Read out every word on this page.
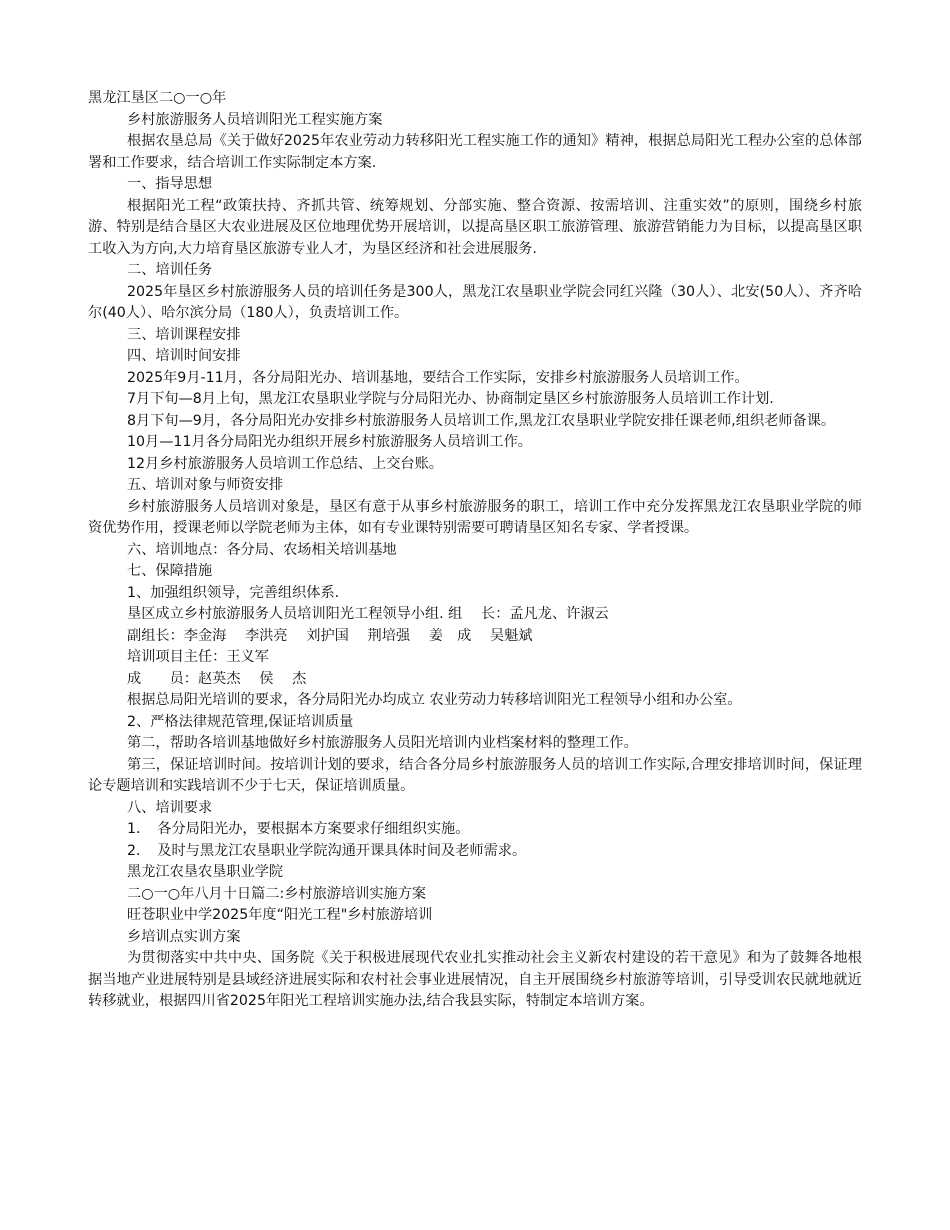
黑龙江垦区二○一○年
乡村旅游服务人员培训阳光工程实施方案
根据农垦总局《关于做好2025年农业劳动力转移阳光工程实施工作的通知》精神，根据总局阳光工程办公室的总体部署和工作要求，结合培训工作实际制定本方案.
一、指导思想
根据阳光工程“政策扶持、齐抓共管、统筹规划、分部实施、整合资源、按需培训、注重实效”的原则，围绕乡村旅游、特别是结合垦区大农业进展及区位地理优势开展培训，以提高垦区职工旅游管理、旅游营销能力为目标，以提高垦区职工收入为方向,大力培育垦区旅游专业人才，为垦区经济和社会进展服务.
二、培训任务
2025年垦区乡村旅游服务人员的培训任务是300人，黑龙江农垦职业学院会同红兴隆（30人）、北安(50人）、齐齐哈尔(40人）、哈尔滨分局（180人），负责培训工作。
三、培训课程安排
四、培训时间安排
2025年9月-11月，各分局阳光办、培训基地，要结合工作实际，安排乡村旅游服务人员培训工作。
7月下旬—8月上旬，黑龙江农垦职业学院与分局阳光办、协商制定垦区乡村旅游服务人员培训工作计划.
8月下旬—9月，各分局阳光办安排乡村旅游服务人员培训工作,黑龙江农垦职业学院安排任课老师,组织老师备课。
10月—11月各分局阳光办组织开展乡村旅游服务人员培训工作。
12月乡村旅游服务人员培训工作总结、上交台账。
五、培训对象与师资安排
乡村旅游服务人员培训对象是，垦区有意于从事乡村旅游服务的职工，培训工作中充分发挥黑龙江农垦职业学院的师资优势作用，授课老师以学院老师为主体，如有专业课特别需要可聘请垦区知名专家、学者授课。
六、培训地点：各分局、农场相关培训基地
七、保障措施
1、加强组织领导，完善组织体系.
垦区成立乡村旅游服务人员培训阳光工程领导小组. 组　 长：孟凡龙、许淑云
副组长：李金海　 李洪亮　 刘护国　 荆培强　 姜　成　 吴魁斌
培训项目主任：王义军
成　　员：赵英杰　 侯　 杰
根据总局阳光培训的要求，各分局阳光办均成立 农业劳动力转移培训阳光工程领导小组和办公室。
2、严格法律规范管理,保证培训质量
第二，帮助各培训基地做好乡村旅游服务人员阳光培训内业档案材料的整理工作。
第三，保证培训时间。按培训计划的要求，结合各分局乡村旅游服务人员的培训工作实际,合理安排培训时间，保证理论专题培训和实践培训不少于七天，保证培训质量。
八、培训要求
1．　各分局阳光办，要根据本方案要求仔细组织实施。
2．　及时与黑龙江农垦职业学院沟通开课具体时间及老师需求。
黑龙江农垦农垦职业学院
二○一○年八月十日篇二:乡村旅游培训实施方案
旺苍职业中学2025年度“阳光工程"乡村旅游培训
乡培训点实训方案
为贯彻落实中共中央、国务院《关于积极进展现代农业扎实推动社会主义新农村建设的若干意见》和为了鼓舞各地根据当地产业进展特别是县域经济进展实际和农村社会事业进展情况，自主开展围绕乡村旅游等培训，引导受训农民就地就近转移就业，根据四川省2025年阳光工程培训实施办法,结合我县实际，特制定本培训方案。
